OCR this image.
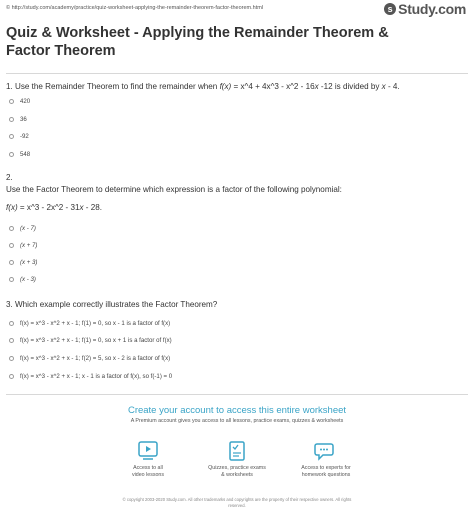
© http://study.com/academy/practice/quiz-worksheet-applying-the-remainder-theorem-factor-theorem.html	s Study.com
Quiz & Worksheet - Applying the Remainder Theorem &
Factor Theorem
1. Use the Remainder Theorem to find the remainder when f(x) = x^4 + 4x^3 - x^2 - 16x -12 is divided by x - 4.
420
36
-92
548
2.
Use the Factor Theorem to determine which expression is a factor of the following polynomial:
f(x) = x^3 - 2x^2 - 31x - 28.
(x - 7)
(x + 7)
(x + 3)
(x - 3)
3. Which example correctly illustrates the Factor Theorem?
f(x) = x^3 - x^2 + x - 1; f(1) = 0, so x - 1 is a factor of f(x)
f(x) = x^3 - x^2 + x - 1; f(1) = 0, so x + 1 is a factor of f(x)
f(x) = x^3 - x^2 + x - 1; f(2) = 5, so x - 2 is a factor of f(x)
f(x) = x^3 - x^2 + x - 1; x - 1 is a factor of f(x), so f(-1) = 0
Create your account to access this entire worksheet
A Premium account gives you access to all lessons, practice exams, quizzes & worksheets
Access to all
video lessons
Quizzes, practice exams
& worksheets
Access to experts for
homework questions
© copyright 2003-2020 Study.com. All other trademarks and copyrights are the property of their respective owners. All rights
reserved.
